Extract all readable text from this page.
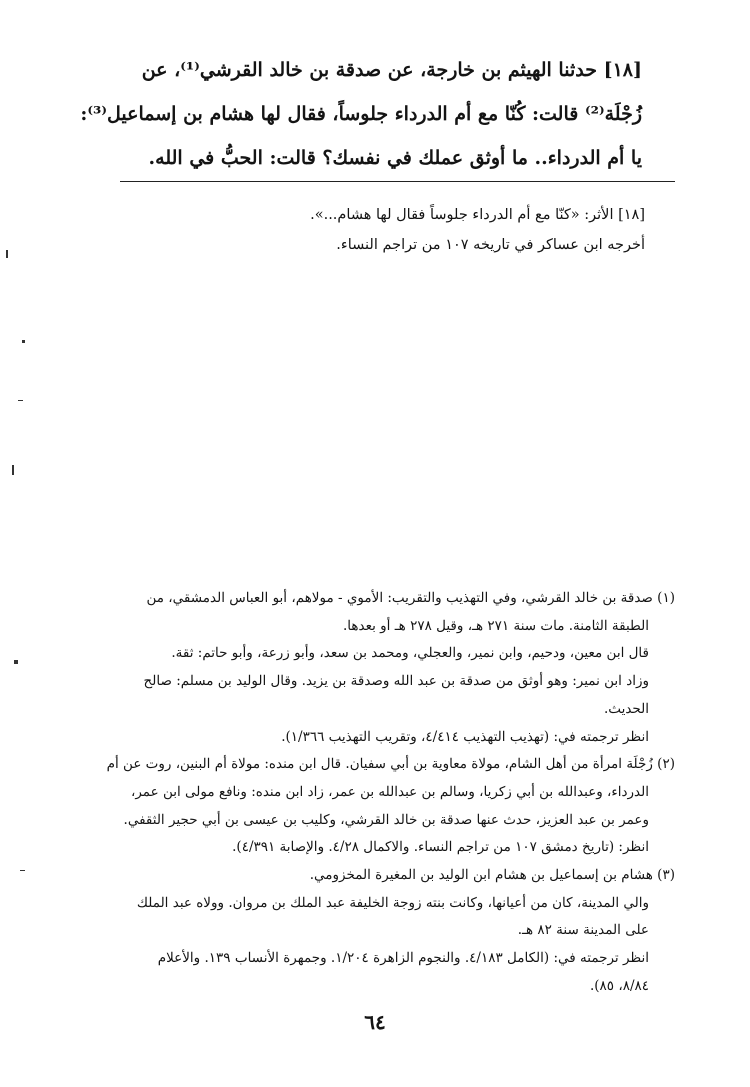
[١٨] حدثنا الهيثم بن خارجة، عن صدقة بن خالد القرشي⁽¹⁾، عن

زُجْلَة⁽²⁾ قالت: كُنّا مع أم الدرداء جلوساً، فقال لها هشام بن إسماعيل⁽³⁾:

يا أم الدرداء.. ما أوثق عملك في نفسك؟ قالت: الحبُّ في الله.

[١٨] الأثر: «كنّا مع أم الدرداء جلوساً فقال لها هشام...».

أخرجه ابن عساكر في تاريخه ١٠٧ من تراجم النساء.

(١) صدقة بن خالد القرشي، وفي التهذيب والتقريب: الأموي - مولاهم، أبو العباس الدمشقي، من

الطبقة الثامنة. مات سنة ٢٧١ هـ، وقيل ٢٧٨ هـ أو بعدها.

قال ابن معين، ودحيم، وابن نمير، والعجلي، ومحمد بن سعد، وأبو زرعة، وأبو حاتم: ثقة.

وزاد ابن نمير: وهو أوثق من صدقة بن عبد الله وصدقة بن يزيد. وقال الوليد بن مسلم: صالح

الحديث.

انظر ترجمته في: (تهذيب التهذيب ٤/٤١٤، وتقريب التهذيب ١/٣٦٦).

(٢) زُجْلَة امرأة من أهل الشام، مولاة معاوية بن أبي سفيان. قال ابن منده: مولاة أم البنين، روت عن أم

الدرداء، وعبدالله بن أبي زكريا، وسالم بن عبدالله بن عمر، زاد ابن منده: ونافع مولى ابن عمر،

وعمر بن عبد العزيز، حدث عنها صدقة بن خالد القرشي، وكليب بن عيسى بن أبي حجير الثقفي.

انظر: (تاريخ دمشق ١٠٧ من تراجم النساء. والاكمال ٤/٢٨. والإصابة ٤/٣٩١).

(٣) هشام بن إسماعيل بن هشام ابن الوليد بن المغيرة المخزومي.

والي المدينة، كان من أعيانها، وكانت بنته زوجة الخليفة عبد الملك بن مروان. وولاه عبد الملك

على المدينة سنة ٨٢ هـ.

انظر ترجمته في: (الكامل ٤/١٨٣. والنجوم الزاهرة ١/٢٠٤. وجمهرة الأنساب ١٣٩. والأعلام

٨/٨٤، ٨٥).

٦٤
